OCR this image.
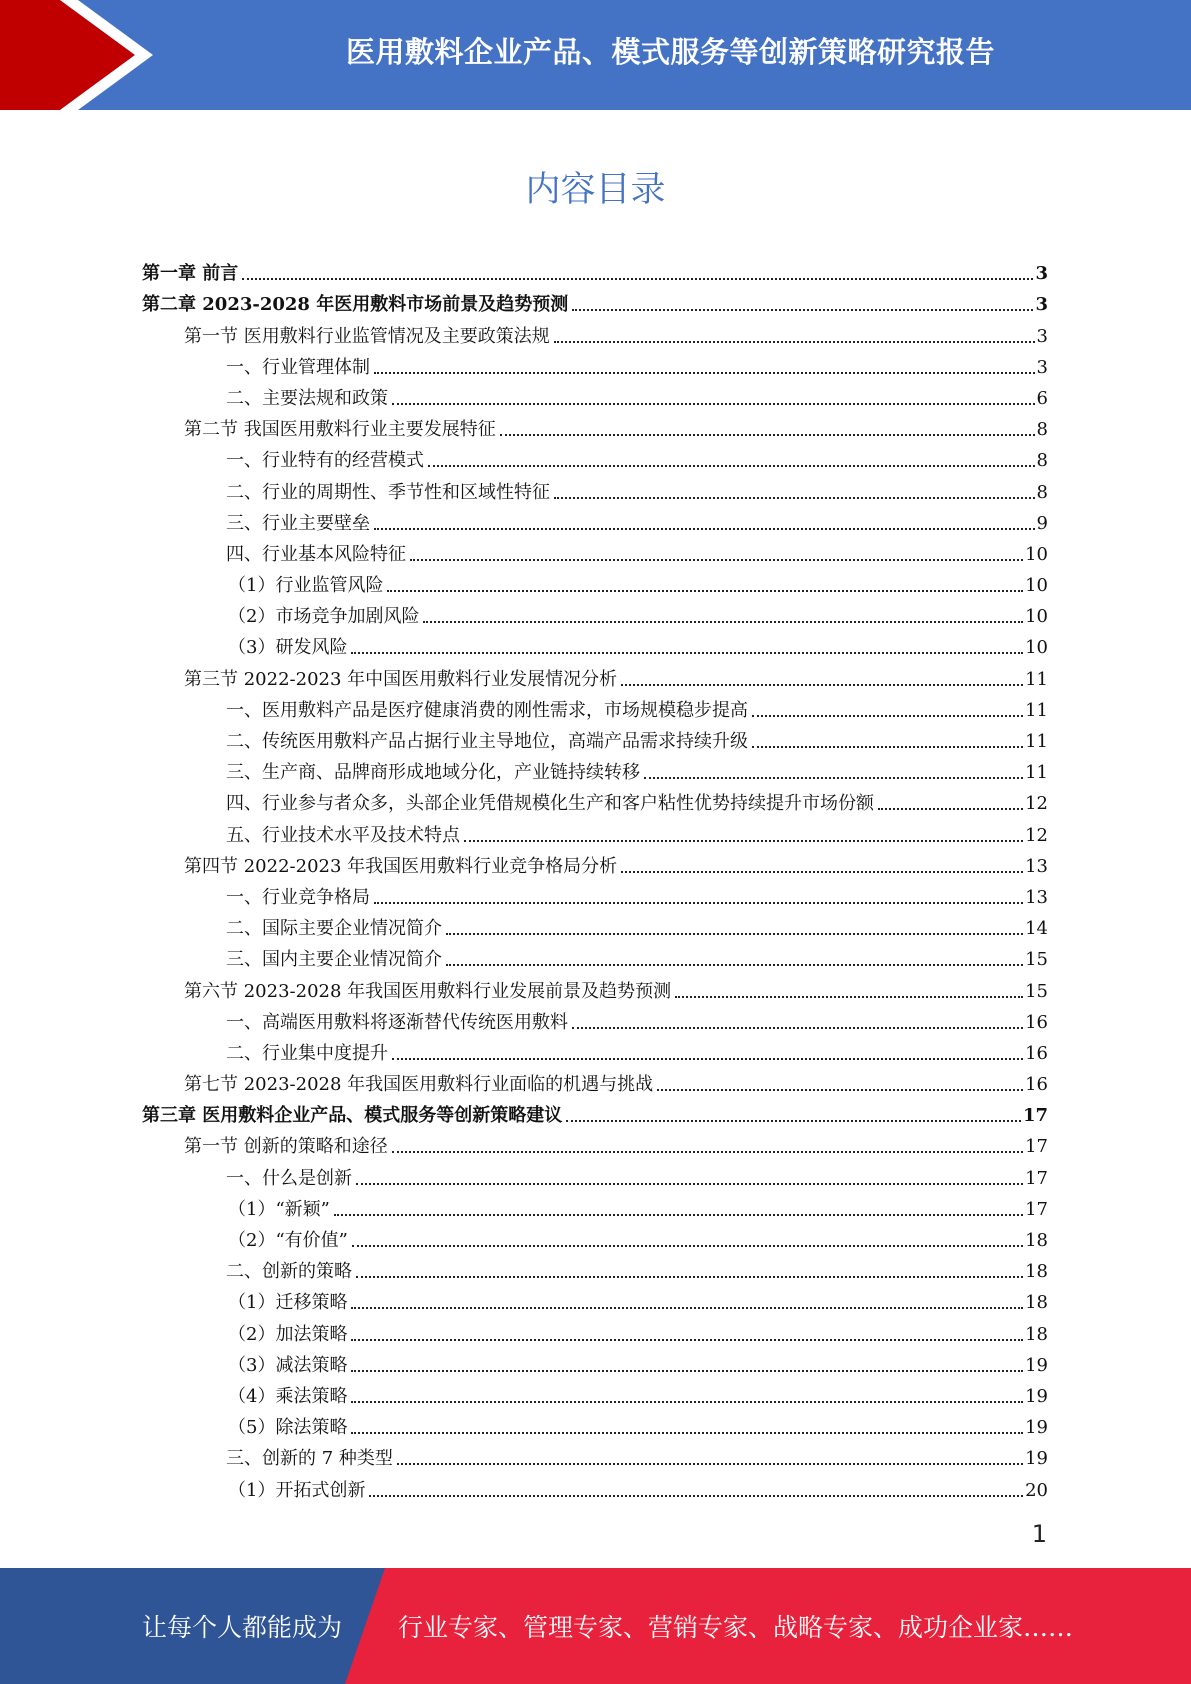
医用敷料企业产品、模式服务等创新策略研究报告
内容目录
第一章 前言	3
第二章 2023-2028 年医用敷料市场前景及趋势预测	3
第一节 医用敷料行业监管情况及主要政策法规	3
一、行业管理体制	3
二、主要法规和政策	6
第二节 我国医用敷料行业主要发展特征	8
一、行业特有的经营模式	8
二、行业的周期性、季节性和区域性特征	8
三、行业主要壁垒	9
四、行业基本风险特征	10
（1）行业监管风险	10
（2）市场竞争加剧风险	10
（3）研发风险	10
第三节 2022-2023 年中国医用敷料行业发展情况分析	11
一、医用敷料产品是医疗健康消费的刚性需求，市场规模稳步提高	11
二、传统医用敷料产品占据行业主导地位，高端产品需求持续升级	11
三、生产商、品牌商形成地域分化，产业链持续转移	11
四、行业参与者众多，头部企业凭借规模化生产和客户粘性优势持续提升市场份额	12
五、行业技术水平及技术特点	12
第四节 2022-2023 年我国医用敷料行业竞争格局分析	13
一、行业竞争格局	13
二、国际主要企业情况简介	14
三、国内主要企业情况简介	15
第六节 2023-2028 年我国医用敷料行业发展前景及趋势预测	15
一、高端医用敷料将逐渐替代传统医用敷料	16
二、行业集中度提升	16
第七节 2023-2028 年我国医用敷料行业面临的机遇与挑战	16
第三章 医用敷料企业产品、模式服务等创新策略建议	17
第一节 创新的策略和途径	17
一、什么是创新	17
（1）“新颖”	17
（2）“有价值”	18
二、创新的策略	18
（1）迁移策略	18
（2）加法策略	18
（3）减法策略	19
（4）乘法策略	19
（5）除法策略	19
三、创新的 7 种类型	19
（1）开拓式创新	20
1
让每个人都能成为 行业专家、管理专家、营销专家、战略专家、成功企业家……
